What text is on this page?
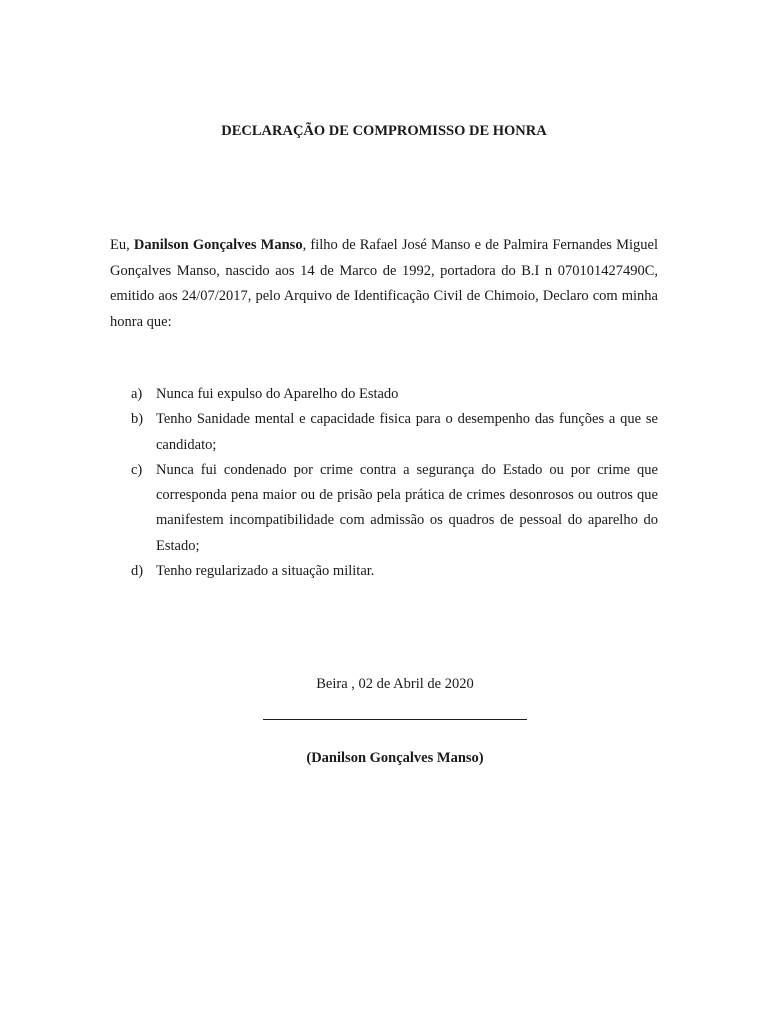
DECLARAÇÃO DE COMPROMISSO DE HONRA

Eu, Danilson Gonçalves Manso, filho de Rafael José Manso e de Palmira Fernandes Miguel Gonçalves Manso, nascido aos 14 de Marco de 1992, portadora do B.I n 070101427490C, emitido aos 24/07/2017, pelo Arquivo de Identificação Civil de Chimoio, Declaro com minha honra que:

a) Nunca fui expulso do Aparelho do Estado
b) Tenho Sanidade mental e capacidade fisica para o desempenho das funções a que se candidato;
c) Nunca fui condenado por crime contra a segurança do Estado ou por crime que corresponda pena maior ou de prisão pela prática de crimes desonrosos ou outros que manifestem incompatibilidade com admissão os quadros de pessoal do aparelho do Estado;
d) Tenho regularizado a situação militar.
Beira , 02 de Abril de 2020
(Danilson Gonçalves Manso)
